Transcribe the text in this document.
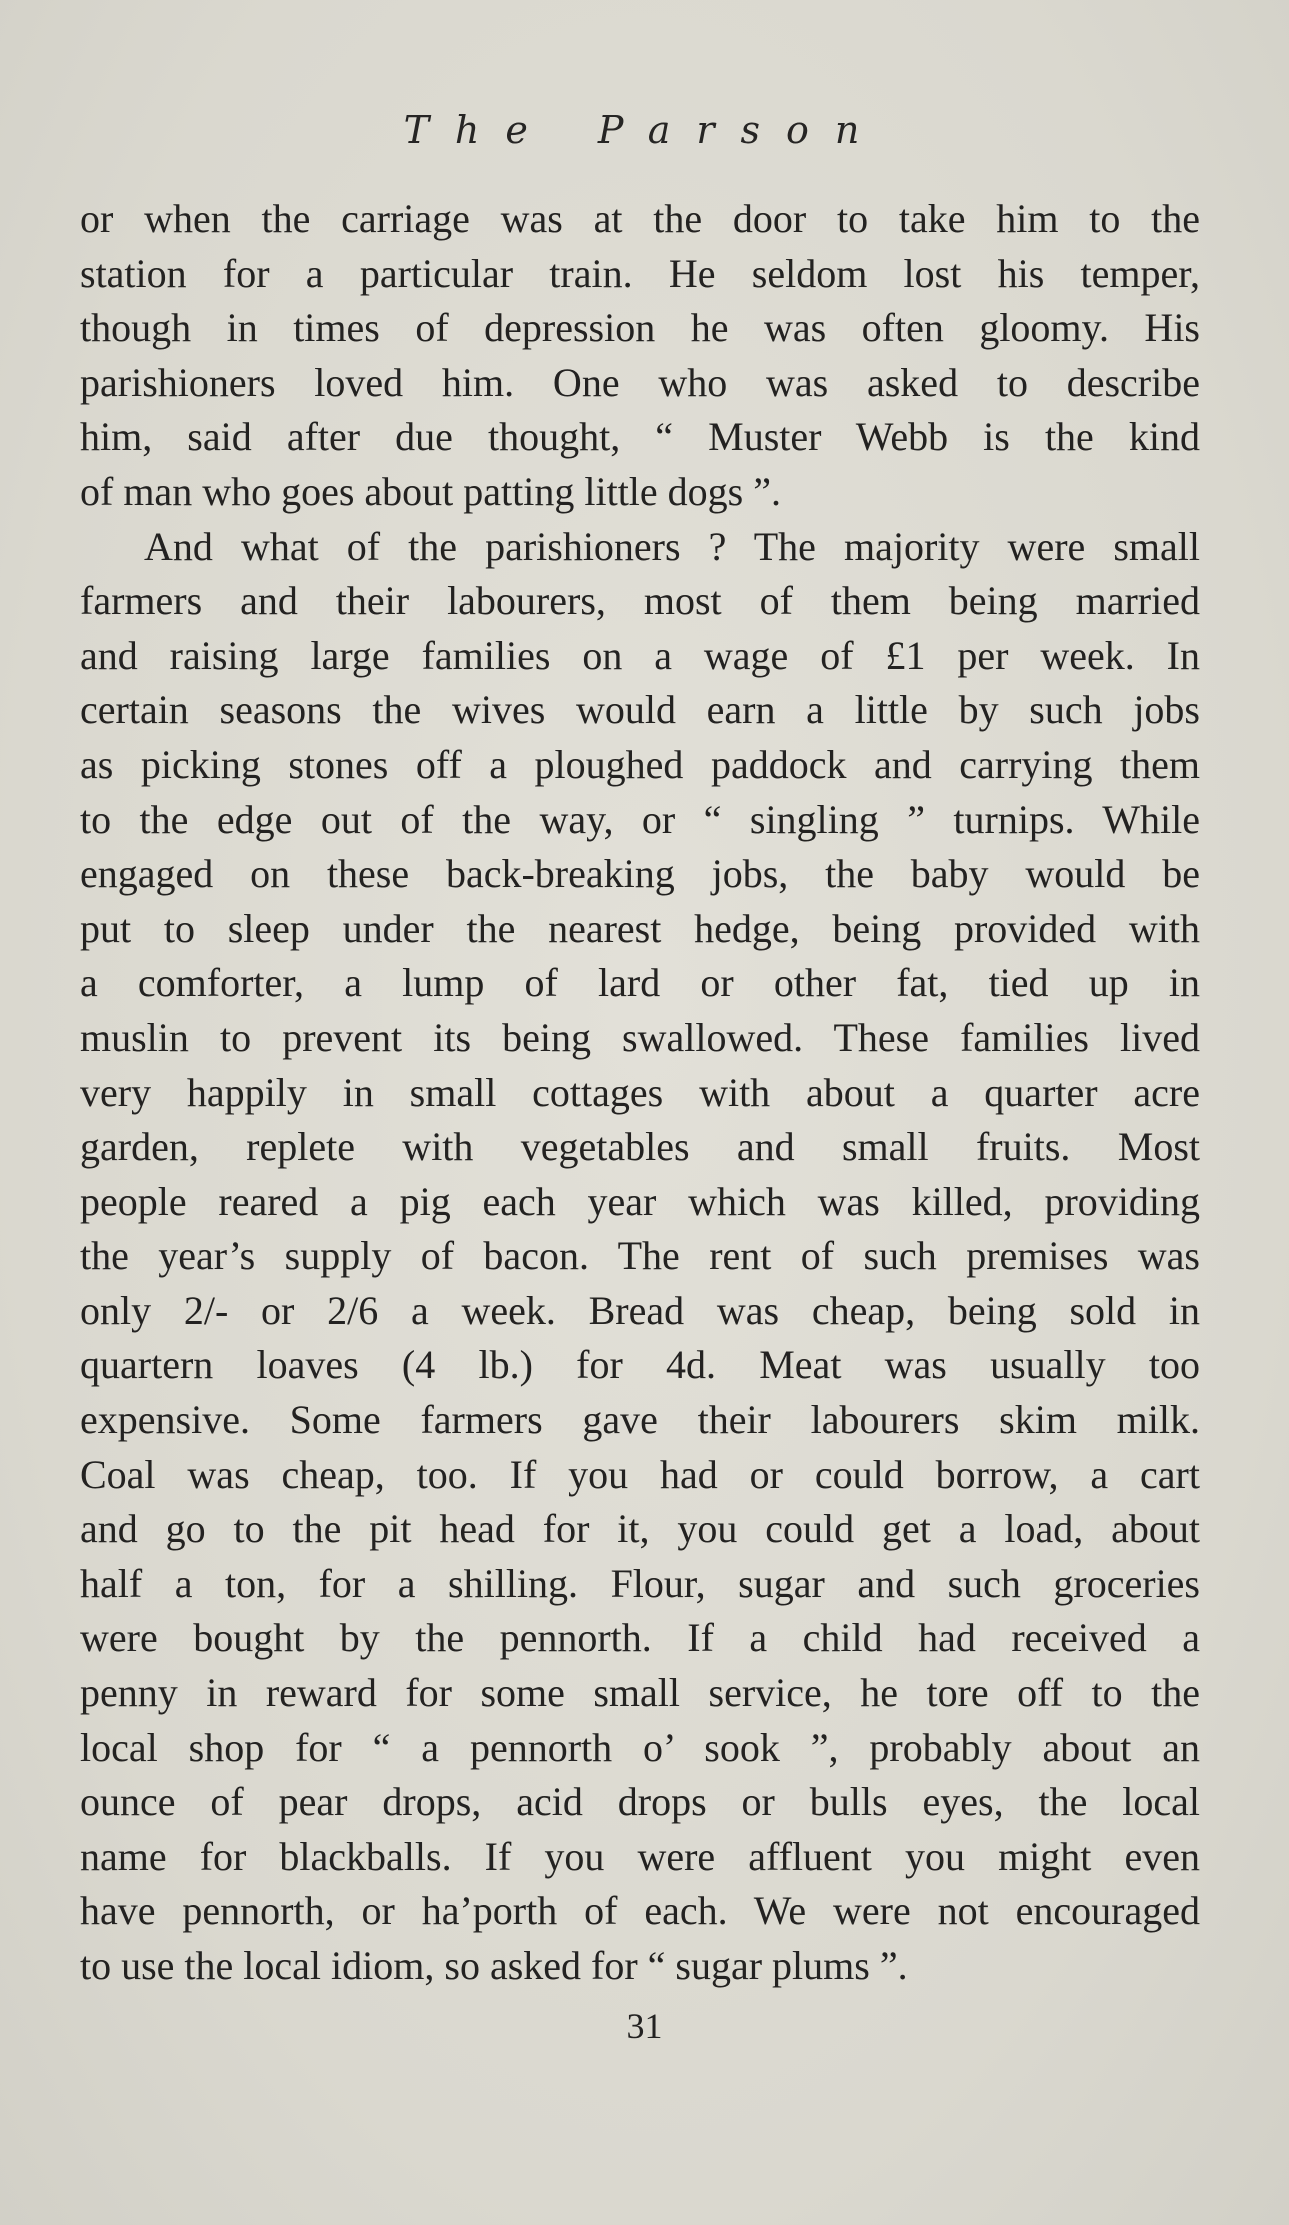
The Parson
or when the carriage was at the door to take him to the
station for a particular train. He seldom lost his temper,
though in times of depression he was often gloomy. His
parishioners loved him. One who was asked to describe
him, said after due thought, “ Muster Webb is the kind
of man who goes about patting little dogs ”.
And what of the parishioners ? The majority were small
farmers and their labourers, most of them being married
and raising large families on a wage of £1 per week. In
certain seasons the wives would earn a little by such jobs
as picking stones off a ploughed paddock and carrying them
to the edge out of the way, or “ singling ” turnips. While
engaged on these back-breaking jobs, the baby would be
put to sleep under the nearest hedge, being provided with
a comforter, a lump of lard or other fat, tied up in
muslin to prevent its being swallowed. These families lived
very happily in small cottages with about a quarter acre
garden, replete with vegetables and small fruits. Most
people reared a pig each year which was killed, providing
the year’s supply of bacon. The rent of such premises was
only 2/- or 2/6 a week. Bread was cheap, being sold in
quartern loaves (4 lb.) for 4d. Meat was usually too
expensive. Some farmers gave their labourers skim milk.
Coal was cheap, too. If you had or could borrow, a cart
and go to the pit head for it, you could get a load, about
half a ton, for a shilling. Flour, sugar and such groceries
were bought by the pennorth. If a child had received a
penny in reward for some small service, he tore off to the
local shop for “ a pennorth o’ sook ”, probably about an
ounce of pear drops, acid drops or bulls eyes, the local
name for blackballs. If you were affluent you might even
have pennorth, or ha’porth of each. We were not encouraged
to use the local idiom, so asked for “ sugar plums ”.
31
